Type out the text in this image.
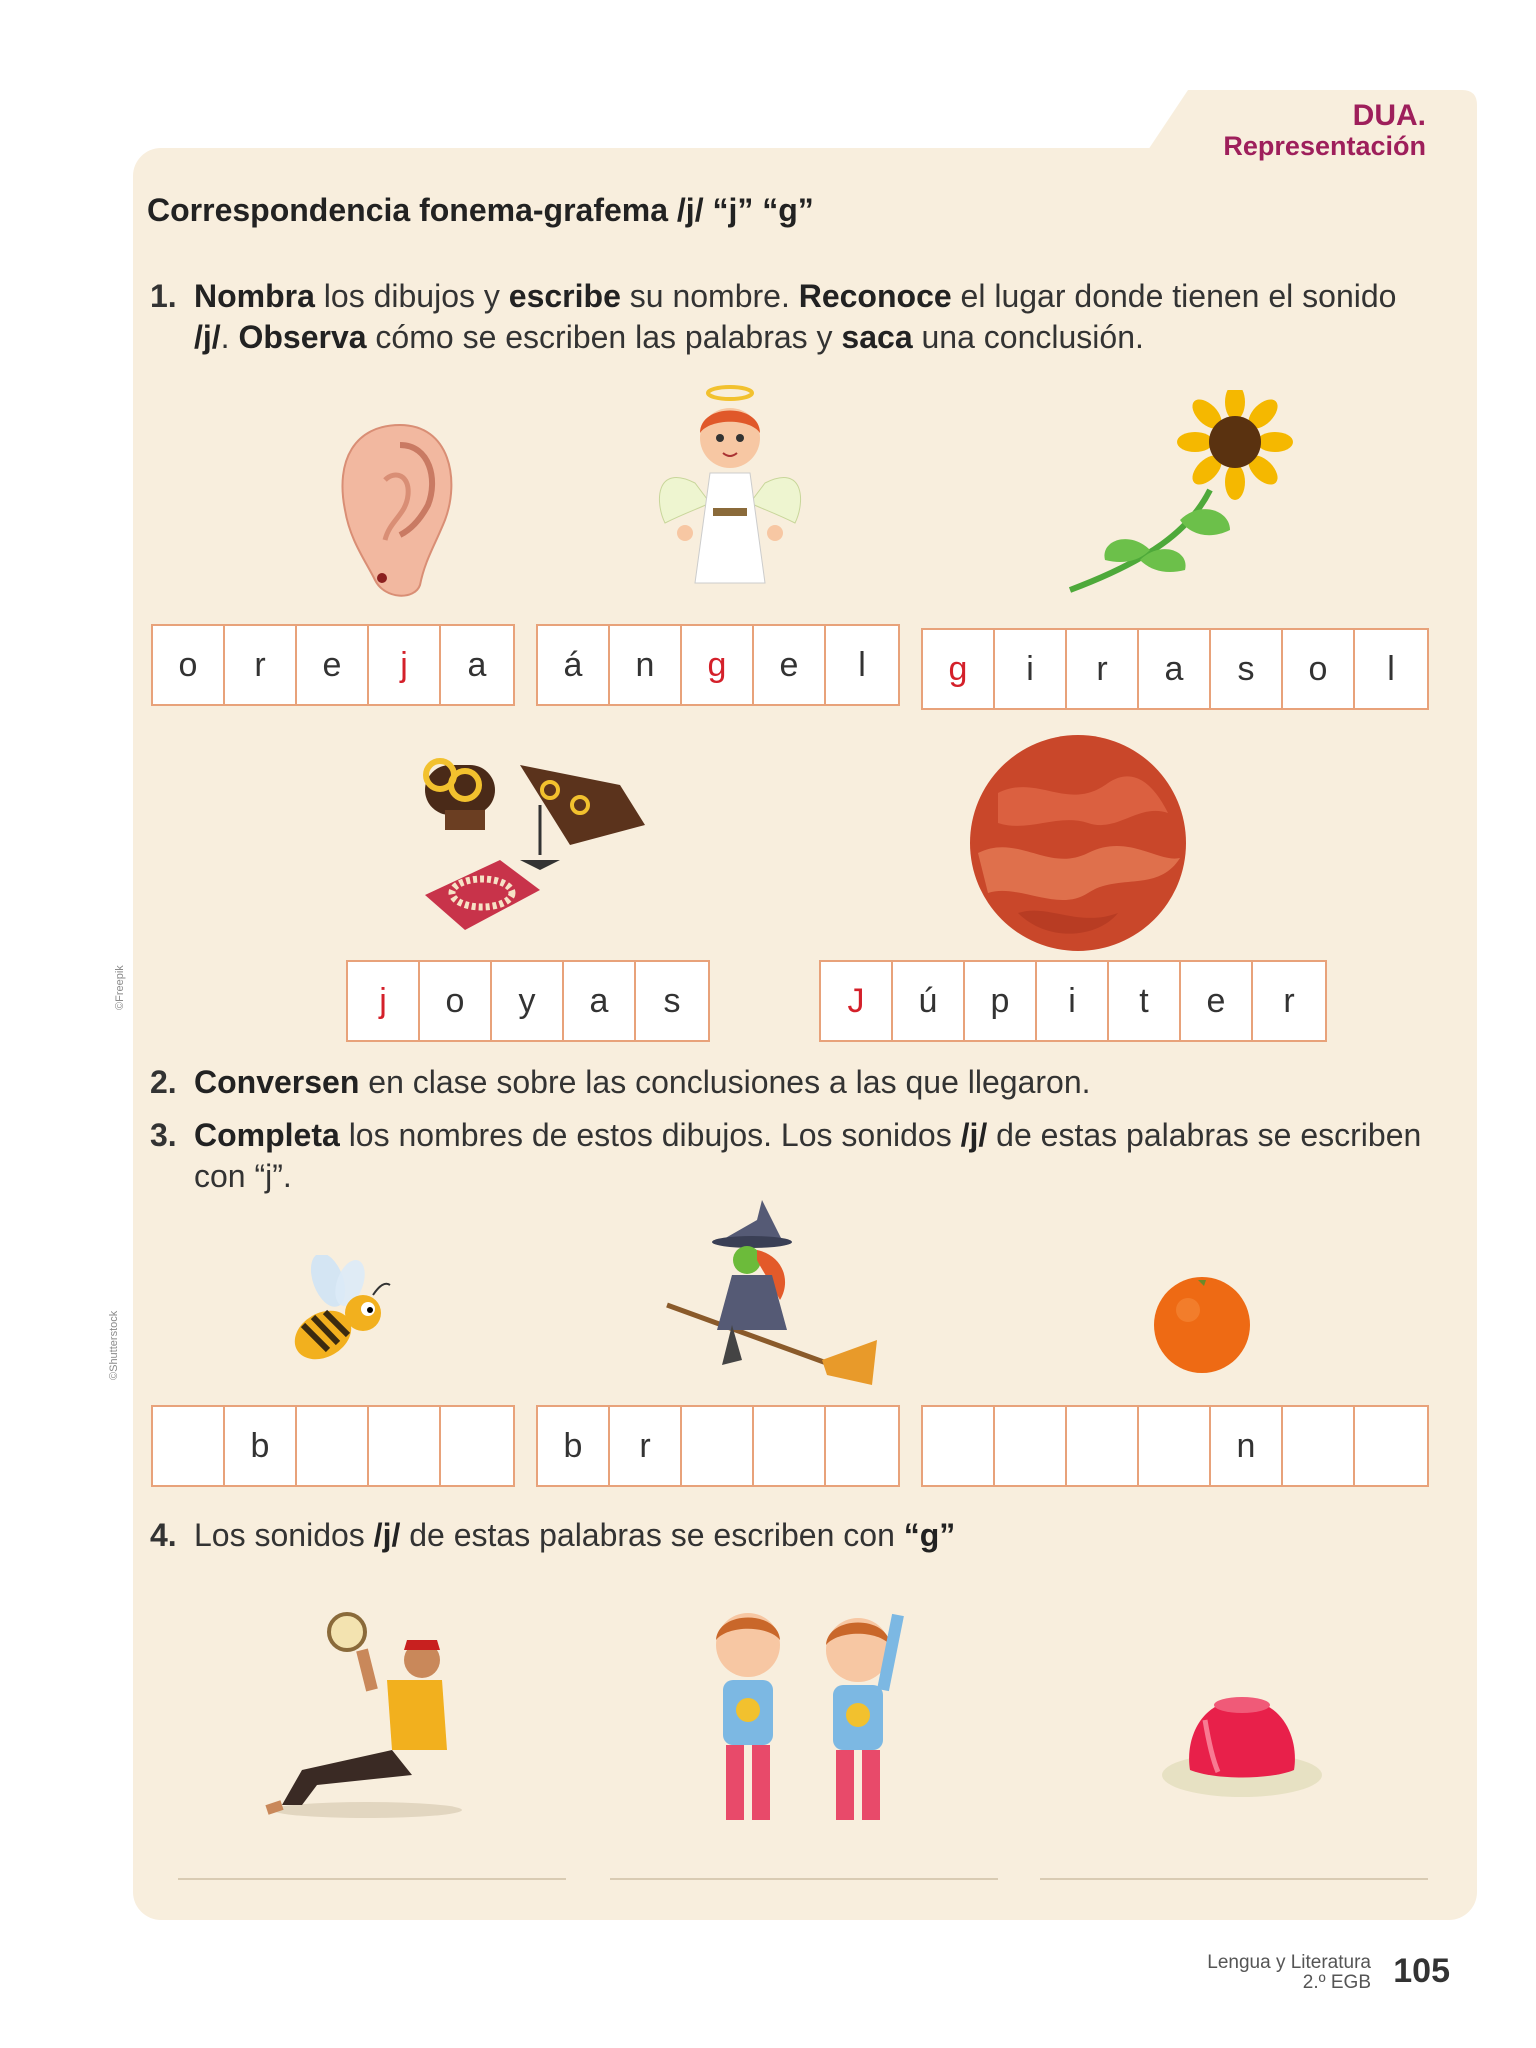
DUA.
Representación
Correspondencia fonema-grafema /j/ “j” “g”
1. Nombra los dibujos y escribe su nombre. Reconoce el lugar donde tienen el sonido /j/. Observa cómo se escriben las palabras y saca una conclusión.
o	r	e	j	a	á	n	g	e	l	g	i	r	a	s	o	l
j	o	y	a	s	J	ú	p	i	t	e	r
2. Conversen en clase sobre las conclusiones a las que llegaron.
3. Completa los nombres de estos dibujos. Los sonidos /j/ de estas palabras se escriben con “j”.
b	b	r	n
4. Los sonidos /j/ de estas palabras se escriben con “g”
©Freepik
©Shutterstock
Lengua y Literatura
2.º EGB 105
